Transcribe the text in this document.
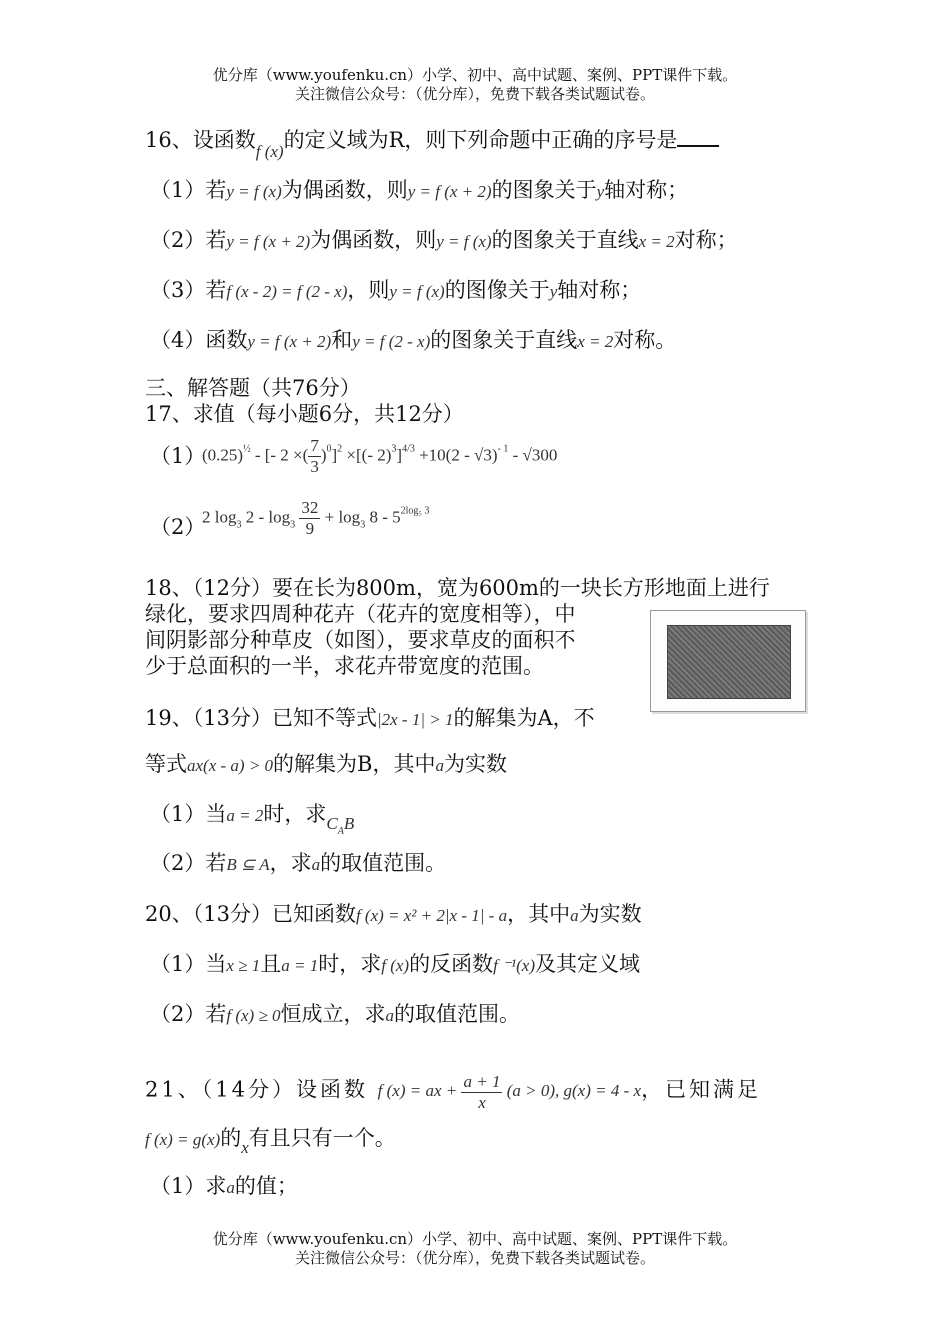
优分库（www.youfenku.cn）小学、初中、高中试题、案例、PPT课件下载。
关注微信公众号：（优分库），免费下载各类试题试卷。
16、设函数$_{f (x)}$的定义域为R，则下列命题中正确的序号是
（1）若y = f (x)为偶函数，则y = f (x + 2)的图象关于y轴对称；
（2）若y = f (x + 2)为偶函数，则y = f (x)的图象关于直线x = 2对称；
（3）若f (x - 2) = f (2 - x)，则y = f (x)的图像关于y轴对称；
（4）函数y = f (x + 2)和y = f (2 - x)的图象关于直线x = 2对称。
三、解答题（共76分）
17、求值（每小题6分，共12分）
（1）
$(0.25)^{\frac{1}{2}}$ - [- 2 ×( $\frac{7}{3} )^0]^2$ ×[(- 2)$^3$]$^{4/3}$ +10(2 - √3)$^{- 1}$ - √300
（2）
2 $\log_3 2 - \log_3 \frac{32}{9} + \log_3 8 - 5^{2log_5 3}$
18、（12分）要在长为800m，宽为600m的一块长方形地面上进行
绿化，要求四周种花卉（花卉的宽度相等），中
间阴影部分种草皮（如图），要求草皮的面积不
少于总面积的一半，求花卉带宽度的范围。
19、（13分）已知不等式|2x - 1| > 1的解集为A，不
等式ax(x - a) > 0的解集为B，其中a为实数
（1）当a = 2时，求$_{C_AB}$
（2）若B ⊆ A，求a的取值范围。
20、（13分）已知函数f (x) = x² + 2|x - 1| - a，其中a为实数
（1）当x ≥ 1且a = 1时，求f (x)的反函数f ⁻¹(x)及其定义域
（2）若f (x) ≥ 0恒成立，求a的取值范围。
21、（14分）设函数 f (x) = ax + $\frac{a + 1}{x} (a > 0)$, g(x) = 4 - x，已知满足
f (x) = g(x)的$_x$有且只有一个。
（1）求a的值；
优分库（www.youfenku.cn）小学、初中、高中试题、案例、PPT课件下载。
关注微信公众号：（优分库），免费下载各类试题试卷。
